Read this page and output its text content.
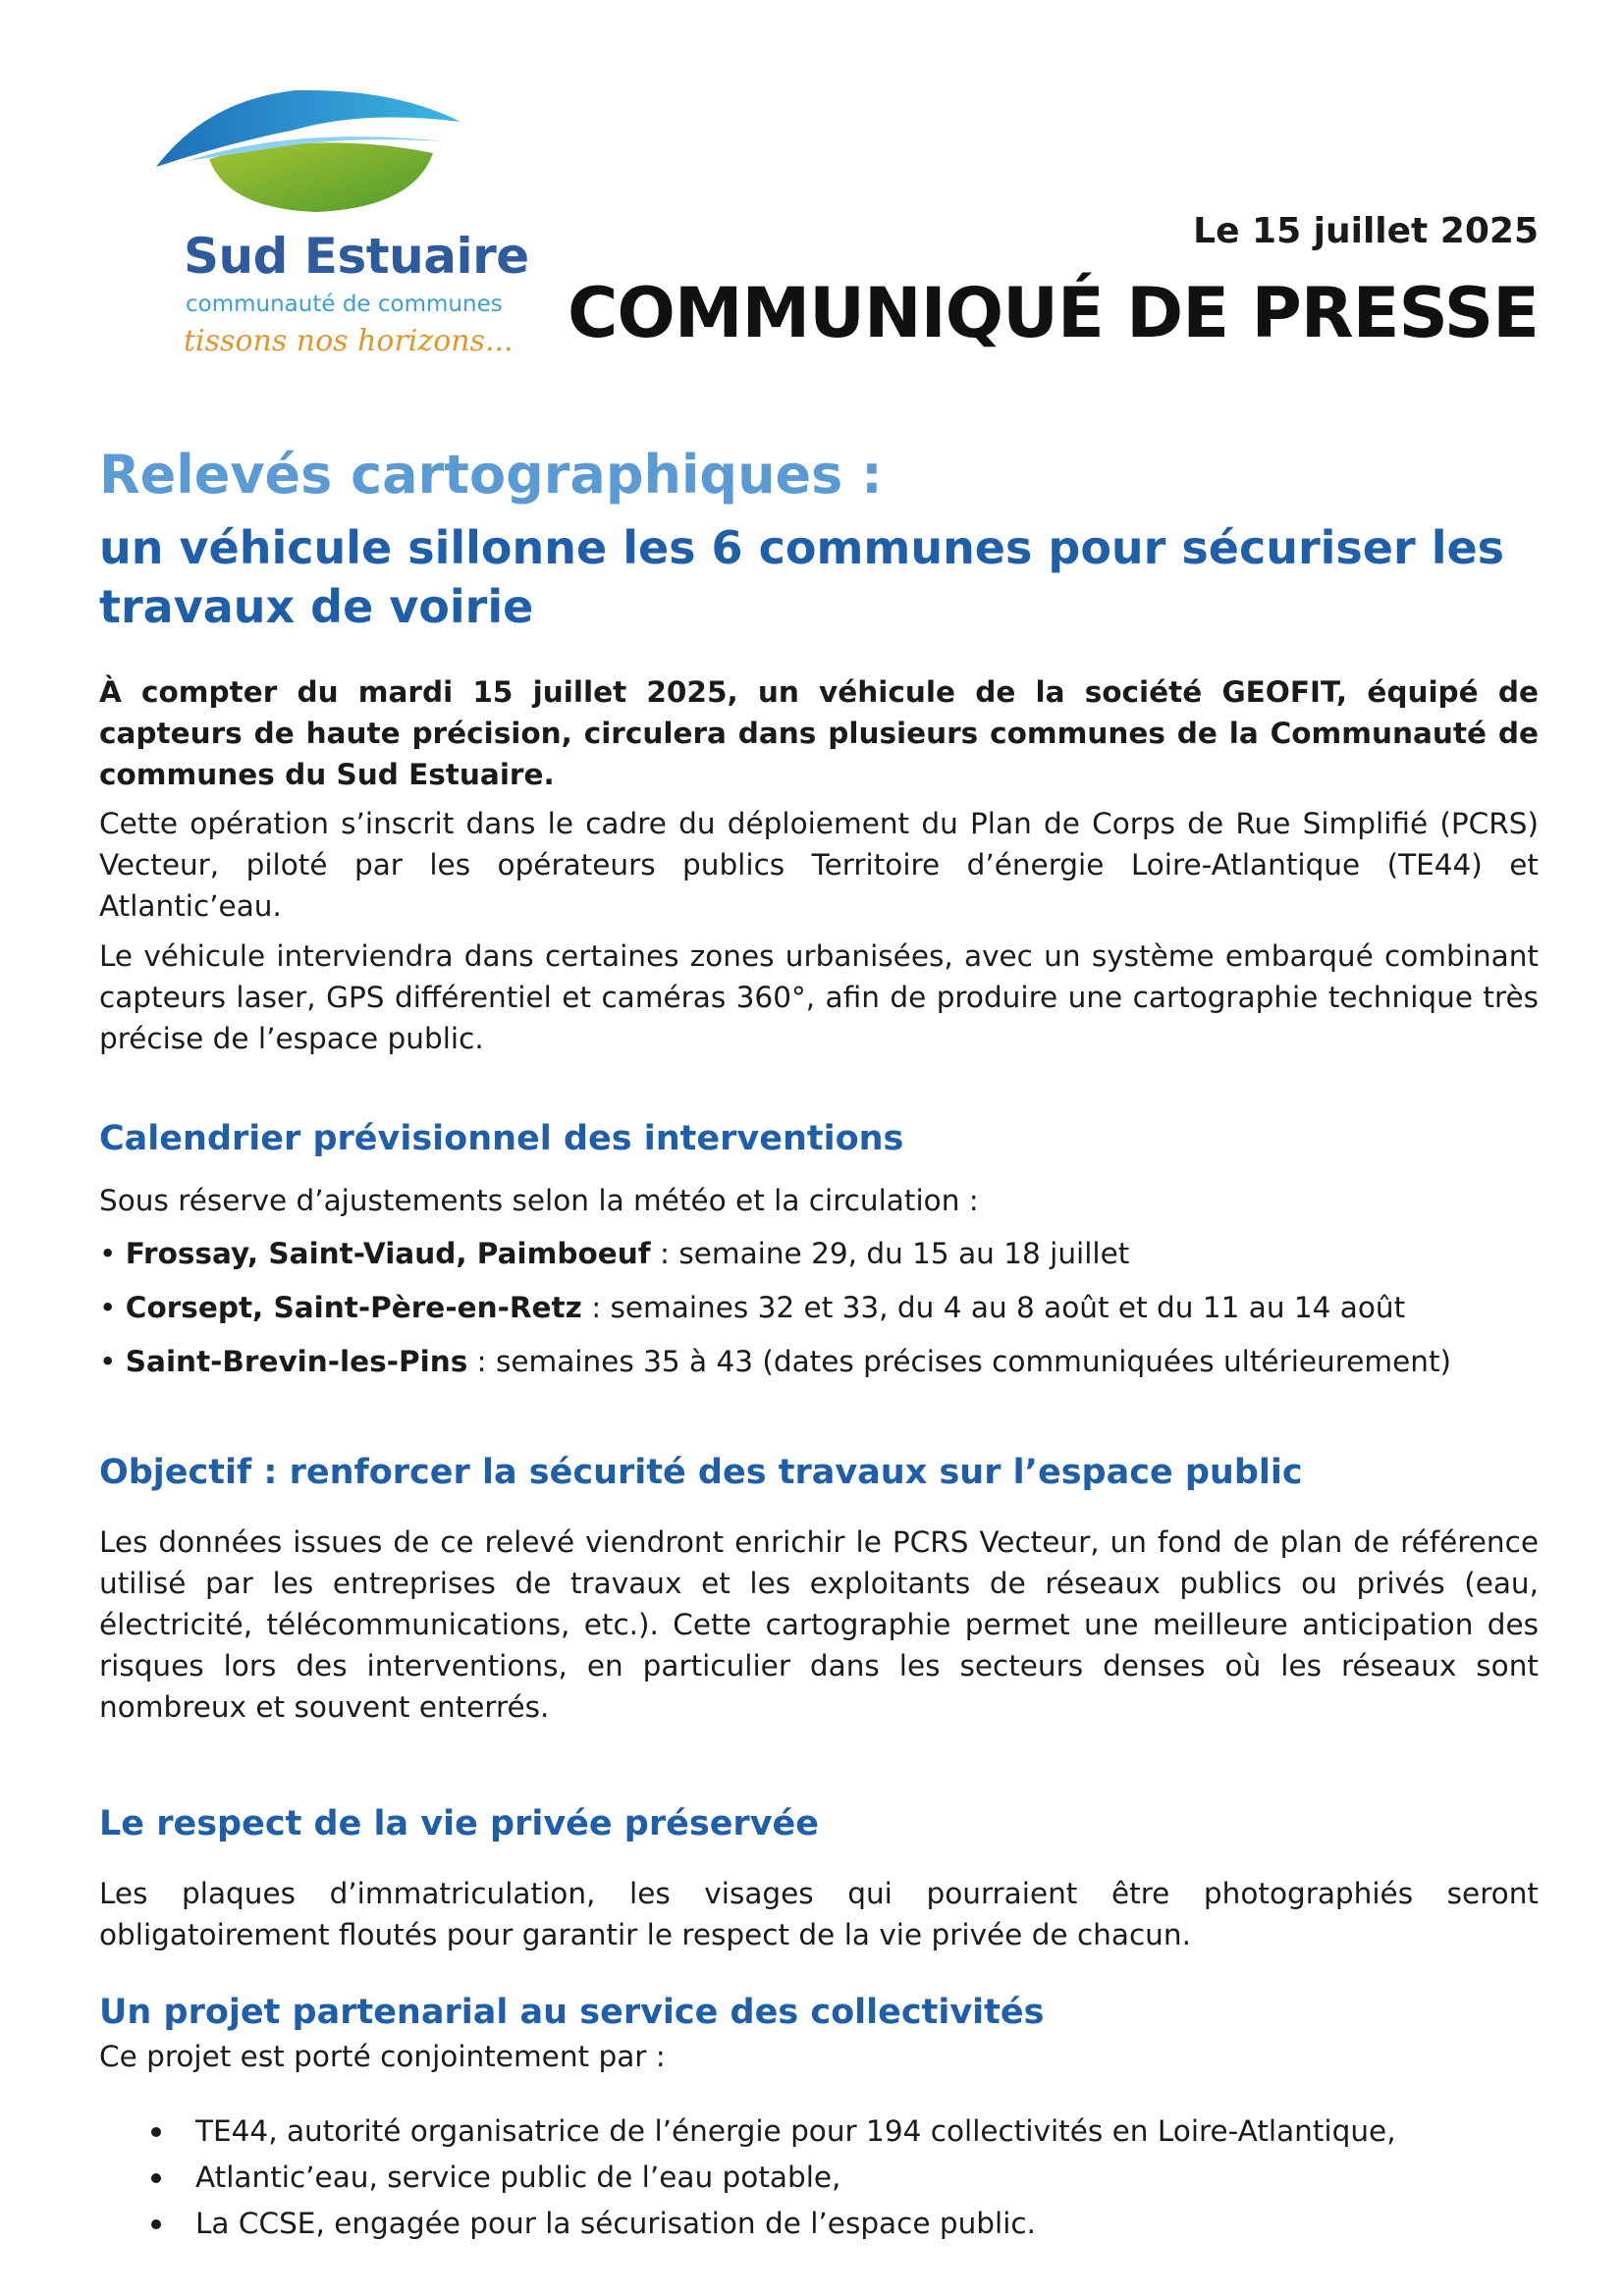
Sud Estuaire
communauté de communes
tissons nos horizons...
Le 15 juillet 2025
COMMUNIQUÉ DE PRESSE
Relevés cartographiques :
un véhicule sillonne les 6 communes pour sécuriser les travaux de voirie
À compter du mardi 15 juillet 2025, un véhicule de la société GEOFIT, équipé de capteurs de haute précision, circulera dans plusieurs communes de la Communauté de communes du Sud Estuaire.
Cette opération s’inscrit dans le cadre du déploiement du Plan de Corps de Rue Simplifié (PCRS) Vecteur, piloté par les opérateurs publics Territoire d’énergie Loire-Atlantique (TE44) et Atlantic’eau.
Le véhicule interviendra dans certaines zones urbanisées, avec un système embarqué combinant capteurs laser, GPS différentiel et caméras 360°, afin de produire une cartographie technique très précise de l’espace public.
Calendrier prévisionnel des interventions
Sous réserve d’ajustements selon la météo et la circulation :
• Frossay, Saint-Viaud, Paimboeuf : semaine 29, du 15 au 18 juillet
• Corsept, Saint-Père-en-Retz : semaines 32 et 33, du 4 au 8 août et du 11 au 14 août
• Saint-Brevin-les-Pins : semaines 35 à 43 (dates précises communiquées ultérieurement)
Objectif : renforcer la sécurité des travaux sur l’espace public
Les données issues de ce relevé viendront enrichir le PCRS Vecteur, un fond de plan de référence utilisé par les entreprises de travaux et les exploitants de réseaux publics ou privés (eau, électricité, télécommunications, etc.). Cette cartographie permet une meilleure anticipation des risques lors des interventions, en particulier dans les secteurs denses où les réseaux sont nombreux et souvent enterrés.
Le respect de la vie privée préservée
Les plaques d’immatriculation, les visages qui pourraient être photographiés seront obligatoirement floutés pour garantir le respect de la vie privée de chacun.
Un projet partenarial au service des collectivités
Ce projet est porté conjointement par :
TE44, autorité organisatrice de l’énergie pour 194 collectivités en Loire-Atlantique,
Atlantic’eau, service public de l’eau potable,
La CCSE, engagée pour la sécurisation de l’espace public.
